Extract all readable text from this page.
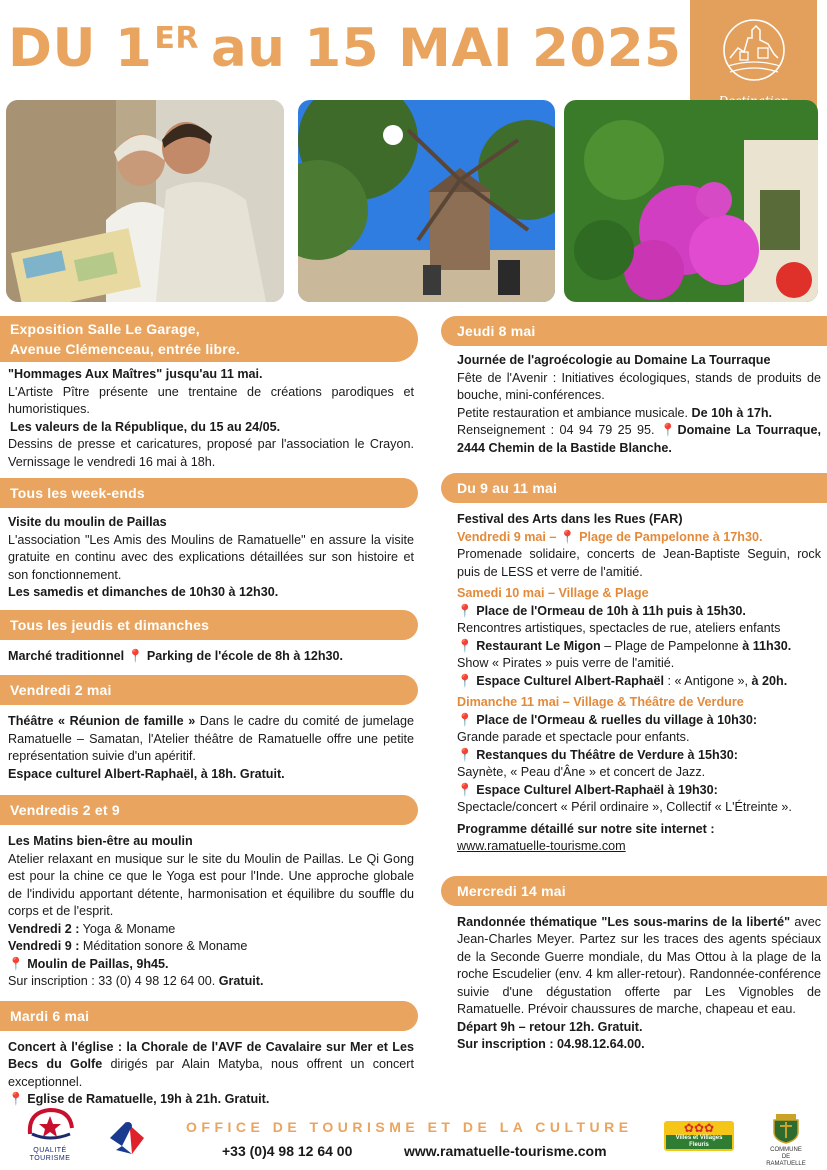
DU 1ER au 15 MAI 2025
Exposition Salle Le Garage,
Avenue Clémenceau, entrée libre.

"Hommages Aux Maîtres" jusqu'au 11 mai.

L'Artiste Pître présente une trentaine de créations parodiques et humoristiques.

Les valeurs de la République, du 15 au 24/05.

Dessins de presse et caricatures, proposé par l'association le Crayon. Vernissage le vendredi 16 mai à 18h.

Tous les week-ends

Visite du moulin de Paillas

L'association "Les Amis des Moulins de Ramatuelle" en assure la visite gratuite en continu avec des explications détaillées sur son histoire et son fonctionnement.

Les samedis et dimanches de 10h30 à 12h30.

Tous les jeudis et dimanches

Marché traditionnel 📍 Parking de l'école de 8h à 12h30.

Vendredi 2 mai

Théâtre « Réunion de famille » Dans le cadre du comité de jumelage Ramatuelle – Samatan, l'Atelier théâtre de Ramatuelle offre une petite représentation suivie d'un apéritif.

Espace culturel Albert-Raphaël, à 18h. Gratuit.

Vendredis 2 et 9

Les Matins bien-être au moulin

Atelier relaxant en musique sur le site du Moulin de Paillas. Le Qi Gong est pour la chine ce que le Yoga est pour l'Inde. Une approche globale de l'individu apportant détente, harmonisation et équilibre du souffle du corps et de l'esprit.

Vendredi 2 : Yoga & Moname

Vendredi 9 : Méditation sonore & Moname

📍 Moulin de Paillas, 9h45.

Sur inscription : 33 (0) 4 98 12 64 00. Gratuit.

Mardi 6 mai

Concert à l'église : la Chorale de l'AVF de Cavalaire sur Mer et Les Becs du Golfe dirigés par Alain Matyba, nous offrent un concert exceptionnel.

📍 Eglise de Ramatuelle, 19h à 21h. Gratuit.

Jeudi 8 mai

Journée de l'agroécologie au Domaine La Tourraque

Fête de l'Avenir : Initiatives écologiques, stands de produits de bouche, mini-conférences.

Petite restauration et ambiance musicale. De 10h à 17h.

Renseignement : 04 94 79 25 95. 📍Domaine La Tourraque, 2444 Chemin de la Bastide Blanche.

Du 9 au 11 mai

Festival des Arts dans les Rues (FAR)

Vendredi 9 mai – 📍 Plage de Pampelonne à 17h30.

Promenade solidaire, concerts de Jean-Baptiste Seguin, rock puis de LESS et verre de l'amitié.

Samedi 10 mai – Village & Plage

📍 Place de l'Ormeau de 10h à 11h puis à 15h30.

Rencontres artistiques, spectacles de rue, ateliers enfants

📍 Restaurant Le Migon – Plage de Pampelonne à 11h30.

Show « Pirates » puis verre de l'amitié.

📍 Espace Culturel Albert-Raphaël : « Antigone », à 20h.

Dimanche 11 mai – Village & Théâtre de Verdure

📍 Place de l'Ormeau & ruelles du village à 10h30:

Grande parade et spectacle pour enfants.

📍 Restanques du Théâtre de Verdure à 15h30:

Saynète, « Peau d'Âne » et concert de Jazz.

📍 Espace Culturel Albert-Raphaël à 19h30:

Spectacle/concert « Péril ordinaire », Collectif « L'Étreinte ».

Programme détaillé sur notre site internet :

www.ramatuelle-tourisme.com

Mercredi 14 mai

Randonnée thématique "Les sous-marins de la liberté" avec Jean-Charles Meyer. Partez sur les traces des agents spéciaux de la Seconde Guerre mondiale, du Mas Ottou à la plage de la roche Escudelier (env. 4 km aller-retour). Randonnée-conférence suivie d'une dégustation offerte par Les Vignobles de Ramatuelle. Prévoir chaussures de marche, chapeau et eau.

Départ 9h – retour 12h. Gratuit.

Sur inscription : 04.98.12.64.00.

QUALITÉ
TOURISME
OFFICE DE TOURISME ET DE LA CULTURE
+33 (0)4 98 12 64 00	www.ramatuelle-tourisme.com
✿✿✿
Villes et Villages Fleuris
COMMUNE
DE
RAMATUELLE
